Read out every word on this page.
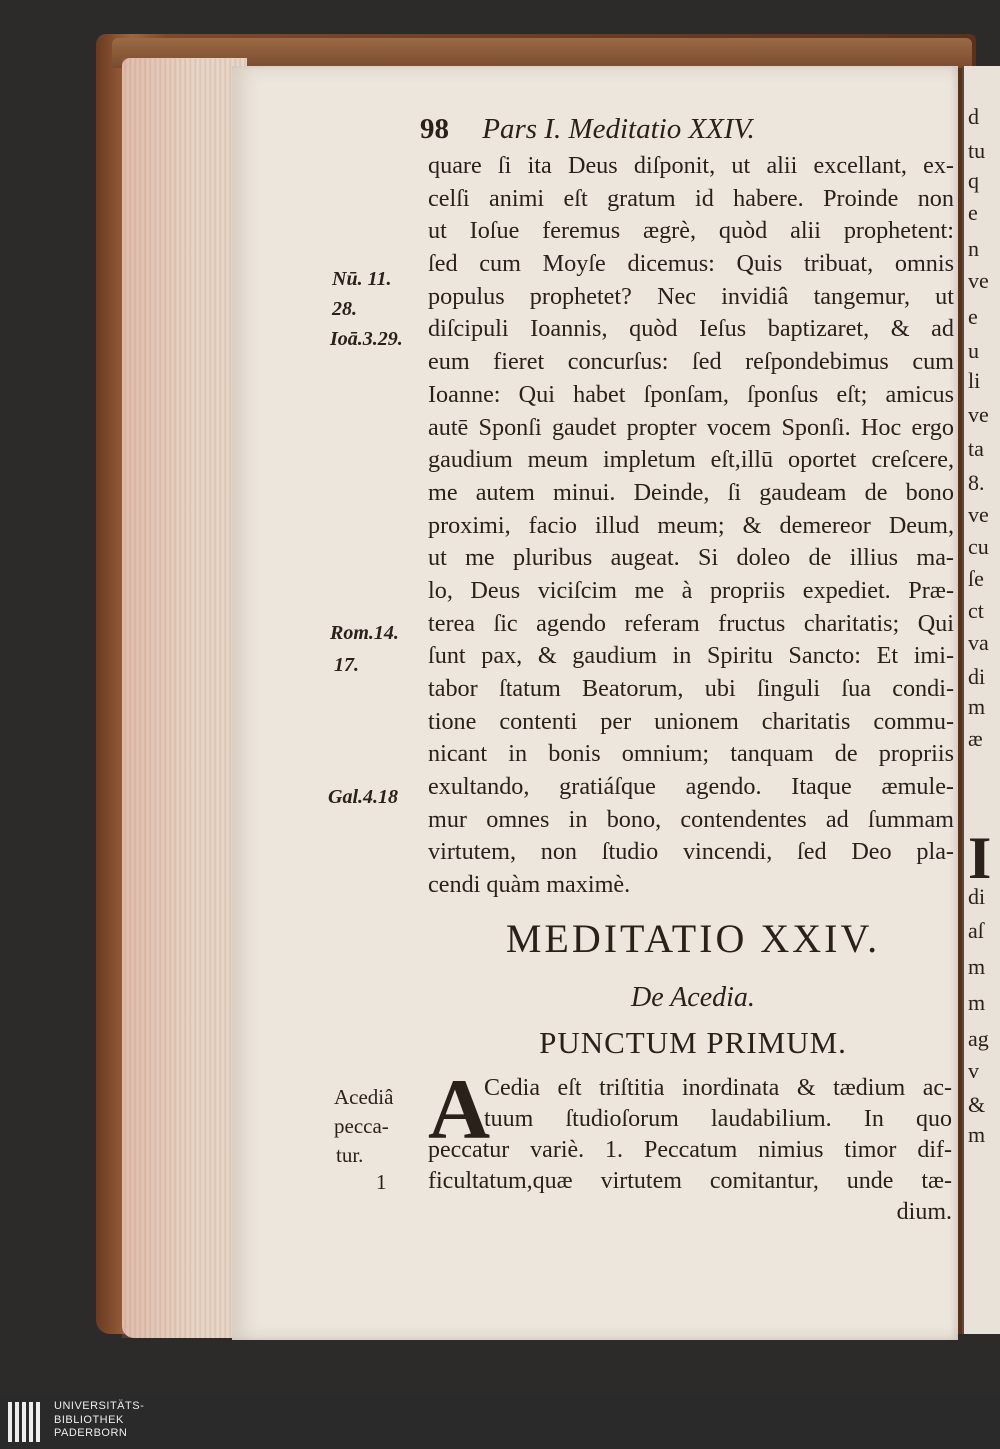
d
tu
q
e
n
ve
e
u
li
ve
ta
8.
ve
cu
ſe
ct
va
di
m
æ
I
di
aſ
m
m
ag
v
&
m
98 Pars I. Meditatio XXIV.
quare ſi ita Deus diſponit, ut alii excellant, ex-
celſi animi eſt gratum id habere. Proinde non
ut Ioſue feremus ægrè, quòd alii prophetent:
ſed cum Moyſe dicemus: Quis tribuat, omnis
populus prophetet? Nec invidiâ tangemur, ut
diſcipuli Ioannis, quòd Ieſus baptizaret, & ad
eum fieret concurſus: ſed reſpondebimus cum
Ioanne: Qui habet ſponſam, ſponſus eſt; amicus
autē Sponſi gaudet propter vocem Sponſi. Hoc ergo
gaudium meum impletum eſt,illū oportet creſcere,
me autem minui. Deinde, ſi gaudeam de bono
proximi, facio illud meum; & demereor Deum,
ut me pluribus augeat. Si doleo de illius ma-
lo, Deus viciſcim me à propriis expediet. Præ-
terea ſic agendo referam fructus charitatis; Qui
ſunt pax, & gaudium in Spiritu Sancto: Et imi-
tabor ſtatum Beatorum, ubi ſinguli ſua condi-
tione contenti per unionem charitatis commu-
nicant in bonis omnium; tanquam de propriis
exultando, gratiáſque agendo. Itaque æmule-
mur omnes in bono, contendentes ad ſummam
virtutem, non ſtudio vincendi, ſed Deo pla-
cendi quàm maximè.
Nū. 11.
28.
Ioā.3.29.
Rom.14.
17.
Gal.4.18
Acediâ
pecca-
tur.
1
MEDITATIO XXIV.
De Acedia.
PUNCTUM PRIMUM.
A
Cedia eſt triſtitia inordinata & tædium ac-
tuum ſtudioſorum laudabilium. In quo
peccatur variè. 1. Peccatum nimius timor dif-
ficultatum,quæ virtutem comitantur, unde tæ-
dium.
UNIVERSITÄTS-
BIBLIOTHEK
PADERBORN
